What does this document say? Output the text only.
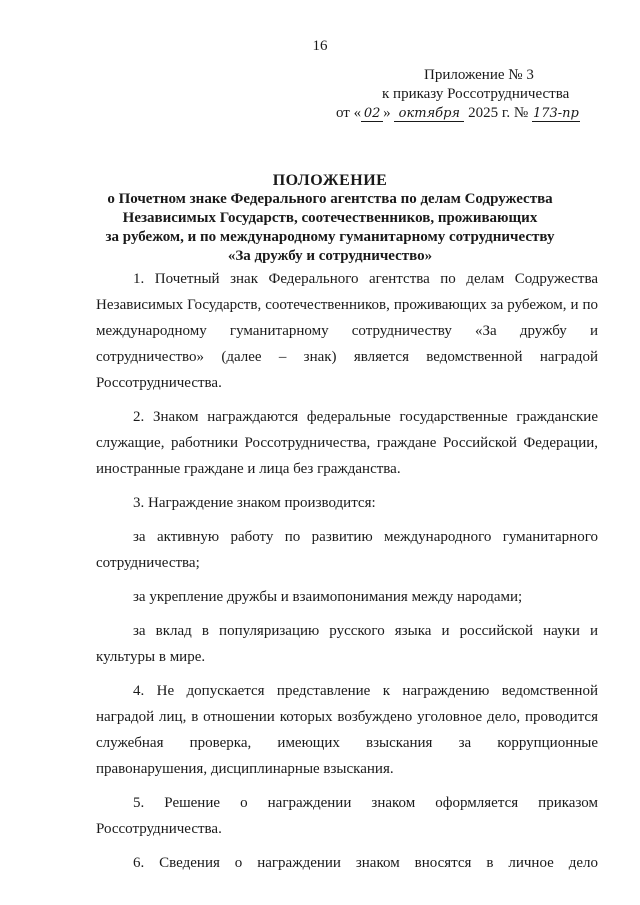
16
Приложение № 3
к приказу Россотрудничества
от « 02 » октября 2025 г. № 173-пр
ПОЛОЖЕНИЕ
о Почетном знаке Федерального агентства по делам Содружества
Независимых Государств, соотечественников, проживающих
за рубежом, и по международному гуманитарному сотрудничеству
«За дружбу и сотрудничество»

1. Почетный знак Федерального агентства по делам Содружества Независимых Государств, соотечественников, проживающих за рубежом, и по международному гуманитарному сотрудничеству «За дружбу и сотрудничество» (далее – знак) является ведомственной наградой Россотрудничества.

2. Знаком награждаются федеральные государственные гражданские служащие, работники Россотрудничества, граждане Российской Федерации, иностранные граждане и лица без гражданства.

3. Награждение знаком производится:

за активную работу по развитию международного гуманитарного сотрудничества;

за укрепление дружбы и взаимопонимания между народами;

за вклад в популяризацию русского языка и российской науки и культуры в мире.

4. Не допускается представление к награждению ведомственной наградой лиц, в отношении которых возбуждено уголовное дело, проводится служебная проверка, имеющих взыскания за коррупционные правонарушения, дисциплинарные взыскания.

5. Решение о награждении знаком оформляется приказом Россотрудничества.

6. Сведения о награждении знаком вносятся в личное дело
